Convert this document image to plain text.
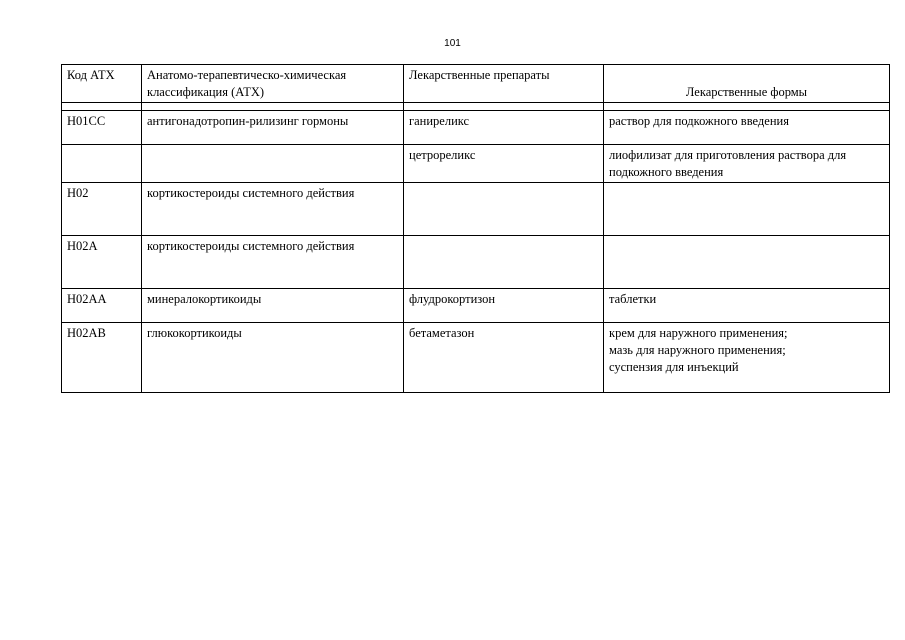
101
Код АТХ	Анатомо-терапевтическо-химическая классификация (АТХ)	Лекарственные препараты	Лекарственные формы

H01CC	антигонадотропин-рилизинг гормоны	ганиреликс	раствор для подкожного введения

		цетрореликс	лиофилизат для приготовления раствора для подкожного введения

H02	кортикостероиды системного действия		
H02A	кортикостероиды системного действия		
H02AA	минералокортикоиды	флудрокортизон	таблетки

H02AB	глюкокортикоиды	бетаметазон	крем для наружного применения;
мазь для наружного применения;
суспензия для инъекций
